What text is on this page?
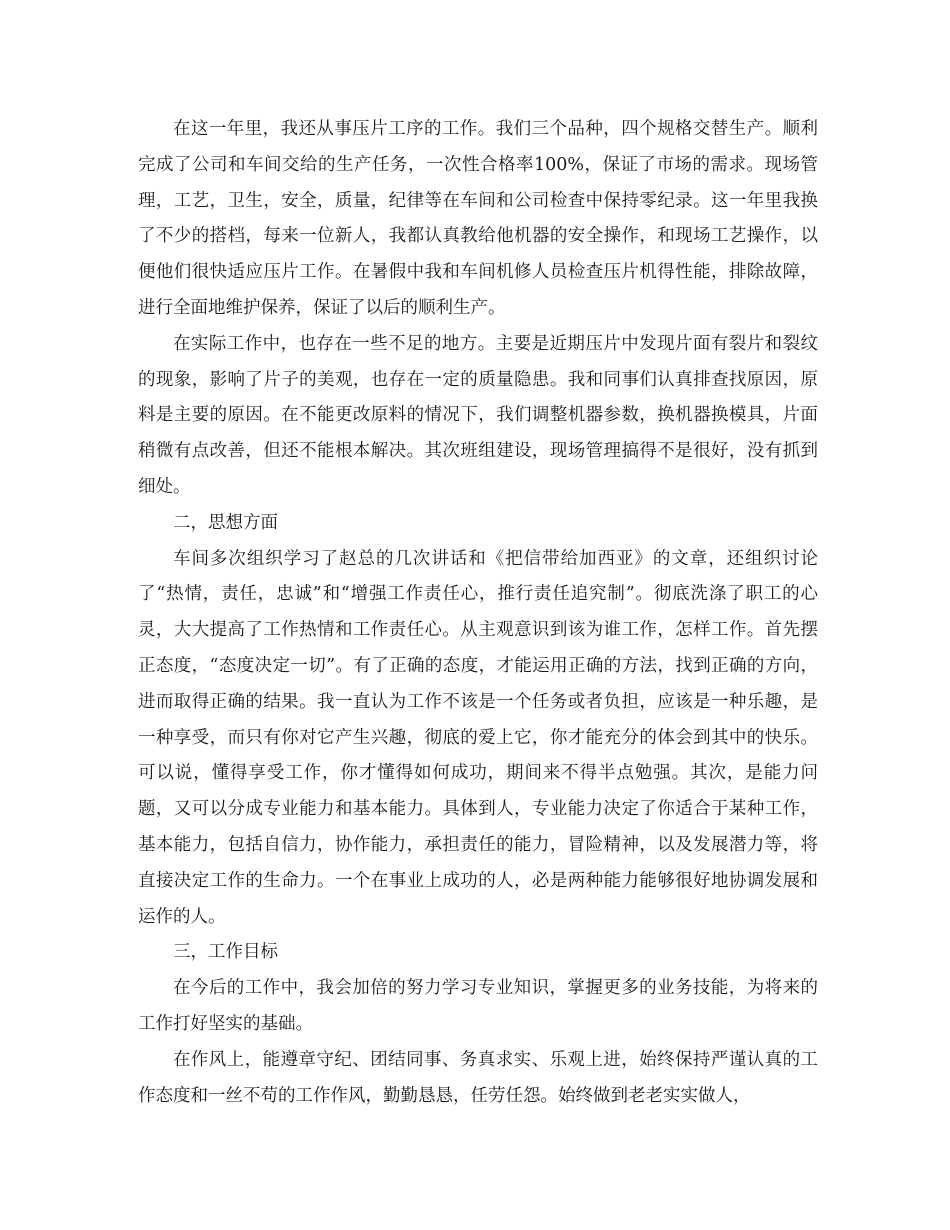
在这一年里，我还从事压片工序的工作。我们三个品种，四个规格交替生产。顺利完成了公司和车间交给的生产任务，一次性合格率100%，保证了市场的需求。现场管理，工艺，卫生，安全，质量，纪律等在车间和公司检查中保持零纪录。这一年里我换了不少的搭档，每来一位新人，我都认真教给他机器的安全操作，和现场工艺操作，以便他们很快适应压片工作。在暑假中我和车间机修人员检查压片机得性能，排除故障，进行全面地维护保养，保证了以后的顺利生产。

在实际工作中，也存在一些不足的地方。主要是近期压片中发现片面有裂片和裂纹的现象，影响了片子的美观，也存在一定的质量隐患。我和同事们认真排查找原因，原料是主要的原因。在不能更改原料的情况下，我们调整机器参数，换机器换模具，片面稍微有点改善，但还不能根本解决。其次班组建设，现场管理搞得不是很好，没有抓到细处。

二，思想方面

车间多次组织学习了赵总的几次讲话和《把信带给加西亚》的文章，还组织讨论了“热情，责任，忠诚”和“增强工作责任心，推行责任追究制”。彻底洗涤了职工的心灵，大大提高了工作热情和工作责任心。从主观意识到该为谁工作，怎样工作。首先摆正态度，“态度决定一切”。有了正确的态度，才能运用正确的方法，找到正确的方向，进而取得正确的结果。我一直认为工作不该是一个任务或者负担，应该是一种乐趣，是一种享受，而只有你对它产生兴趣，彻底的爱上它，你才能充分的体会到其中的快乐。可以说，懂得享受工作，你才懂得如何成功，期间来不得半点勉强。其次，是能力问题，又可以分成专业能力和基本能力。具体到人，专业能力决定了你适合于某种工作，基本能力，包括自信力，协作能力，承担责任的能力，冒险精神，以及发展潜力等，将直接决定工作的生命力。一个在事业上成功的人，必是两种能力能够很好地协调发展和运作的人。

三，工作目标

在今后的工作中，我会加倍的努力学习专业知识，掌握更多的业务技能，为将来的工作打好坚实的基础。

在作风上，能遵章守纪、团结同事、务真求实、乐观上进，始终保持严谨认真的工作态度和一丝不苟的工作作风，勤勤恳恳，任劳任怨。始终做到老老实实做人，
